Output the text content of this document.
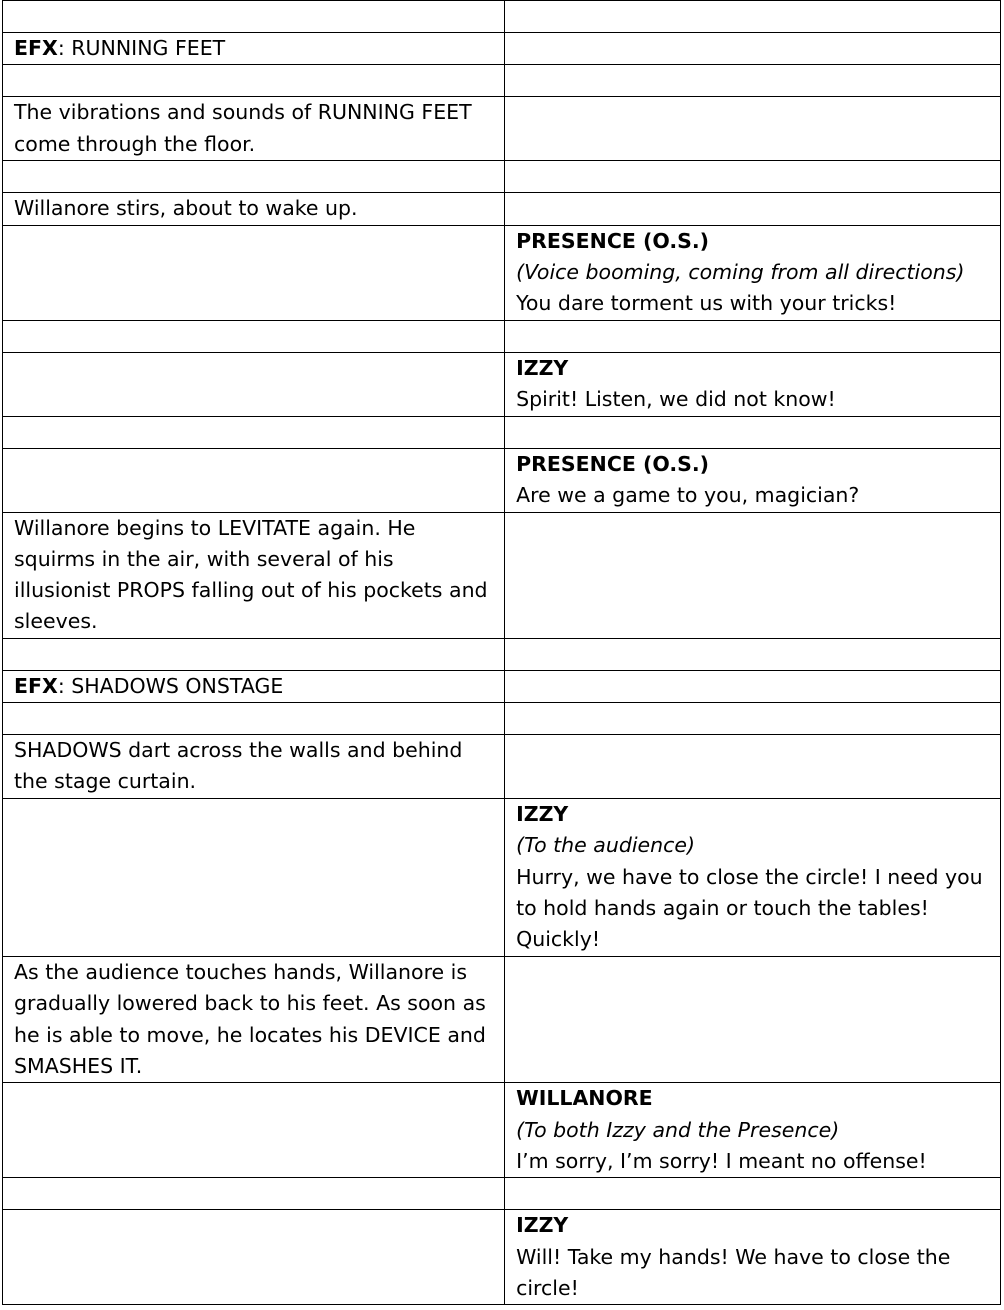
EFX: RUNNING FEET	

The vibrations and sounds of RUNNING FEET come through the floor.	

Willanore stirs, about to wake up.	

	PRESENCE (O.S.)
(Voice booming, coming from all directions)
You dare torment us with your tricks!

	IZZY
Spirit! Listen, we did not know!

	PRESENCE (O.S.)
Are we a game to you, magician?

Willanore begins to LEVITATE again. He squirms in the air, with several of his illusionist PROPS falling out of his pockets and sleeves.	

EFX: SHADOWS ONSTAGE	

SHADOWS dart across the walls and behind the stage curtain.	

	IZZY
(To the audience)
Hurry, we have to close the circle! I need you to hold hands again or touch the tables! Quickly!

As the audience touches hands, Willanore is gradually lowered back to his feet. As soon as he is able to move, he locates his DEVICE and SMASHES IT.	

	WILLANORE
(To both Izzy and the Presence)
I’m sorry, I’m sorry! I meant no offense!

	IZZY
Will! Take my hands! We have to close the circle!
